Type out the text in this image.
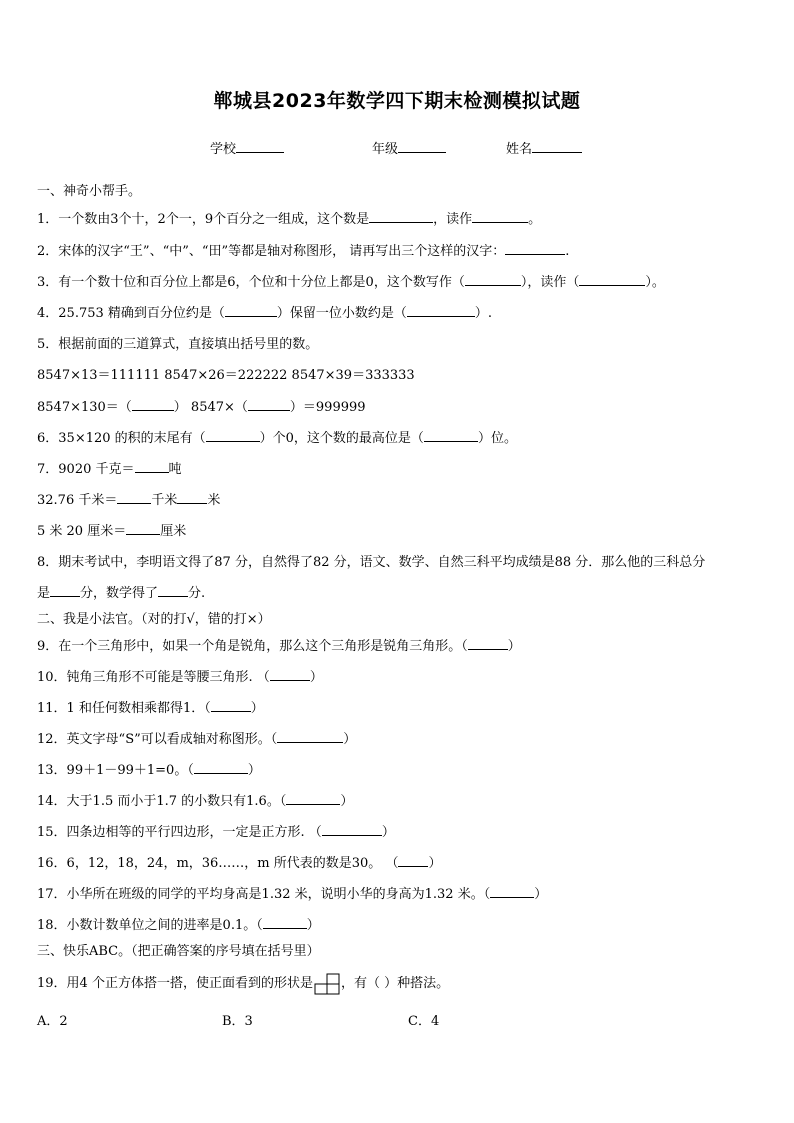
郸城县2023年数学四下期末检测模拟试题
学校	年级	姓名
一、神奇小帮手。
1．一个数由3个十，2个一，9个百分之一组成，这个数是	，读作	。
2．宋体的汉字“王”、“中”、“田”等都是轴对称图形， 请再写出三个这样的汉字：	.
3．有一个数十位和百分位上都是6，个位和十分位上都是0，这个数写作（	），读作（	）。
4．25.753 精确到百分位约是（	）保留一位小数约是（	）.
5．根据前面的三道算式，直接填出括号里的数。
8547×13＝111111 8547×26＝222222 8547×39＝333333
8547×130＝（	） 8547×（	）＝999999
6．35×120 的积的末尾有（	）个0，这个数的最高位是（	）位。
7．9020 千克＝	吨
32.76 千米＝	千米 米
5 米 20 厘米＝	厘米
8．期末考试中，李明语文得了87 分，自然得了82 分，语文、数学、自然三科平均成绩是88 分．那么他的三科总分
是 分，数学得了 分.
二、我是小法官。（对的打√，错的打×）
9．在一个三角形中，如果一个角是锐角，那么这个三角形是锐角三角形。（	）
10．钝角三角形不可能是等腰三角形. （	）
11．1 和任何数相乘都得1．（	）
12．英文字母“S”可以看成轴对称图形。（	）
13．99＋1－99＋1=0。（	）
14．大于1.5 而小于1.7 的小数只有1.6。（	）
15．四条边相等的平行四边形，一定是正方形. （	）
16．6，12，18，24，m，36……，m 所代表的数是30。 （ ）
17．小华所在班级的同学的平均身高是1.32 米，说明小华的身高为1.32 米。（	）
18．小数计数单位之间的进率是0.1。（	）
三、快乐ABC。（把正确答案的序号填在括号里）
19．用4 个正方体搭一搭，使正面看到的形状是 ，有（ ）种搭法。
A．2	B．3	C．4
